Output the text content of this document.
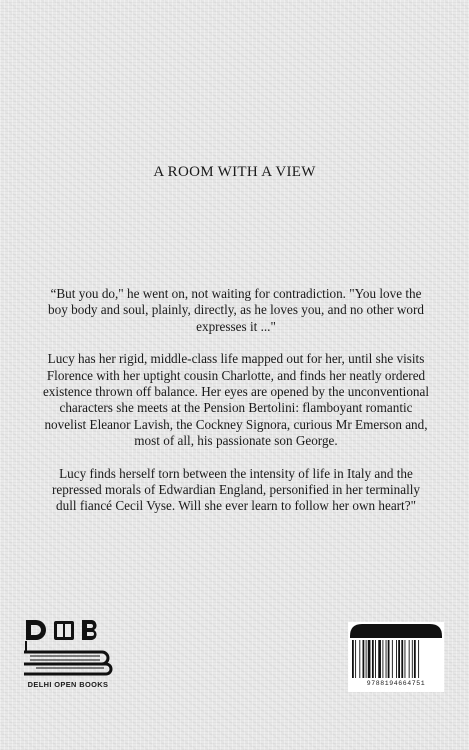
A ROOM WITH A VIEW

“But you do," he went on, not waiting for contradiction. "You love the boy body and soul, plainly, directly, as he loves you, and no other word expresses it ..."

Lucy has her rigid, middle-class life mapped out for her, until she visits Florence with her uptight cousin Charlotte, and finds her neatly ordered existence thrown off balance. Her eyes are opened by the unconventional characters she meets at the Pension Bertolini: flamboyant romantic novelist Eleanor Lavish, the Cockney Signora, curious Mr Emerson and, most of all, his passionate son George.

Lucy finds herself torn between the intensity of life in Italy and the repressed morals of Edwardian England, personified in her terminally dull fiancé Cecil Vyse. Will she ever learn to follow her own heart?"

DELHI OPEN BOOKS	9788194664751
